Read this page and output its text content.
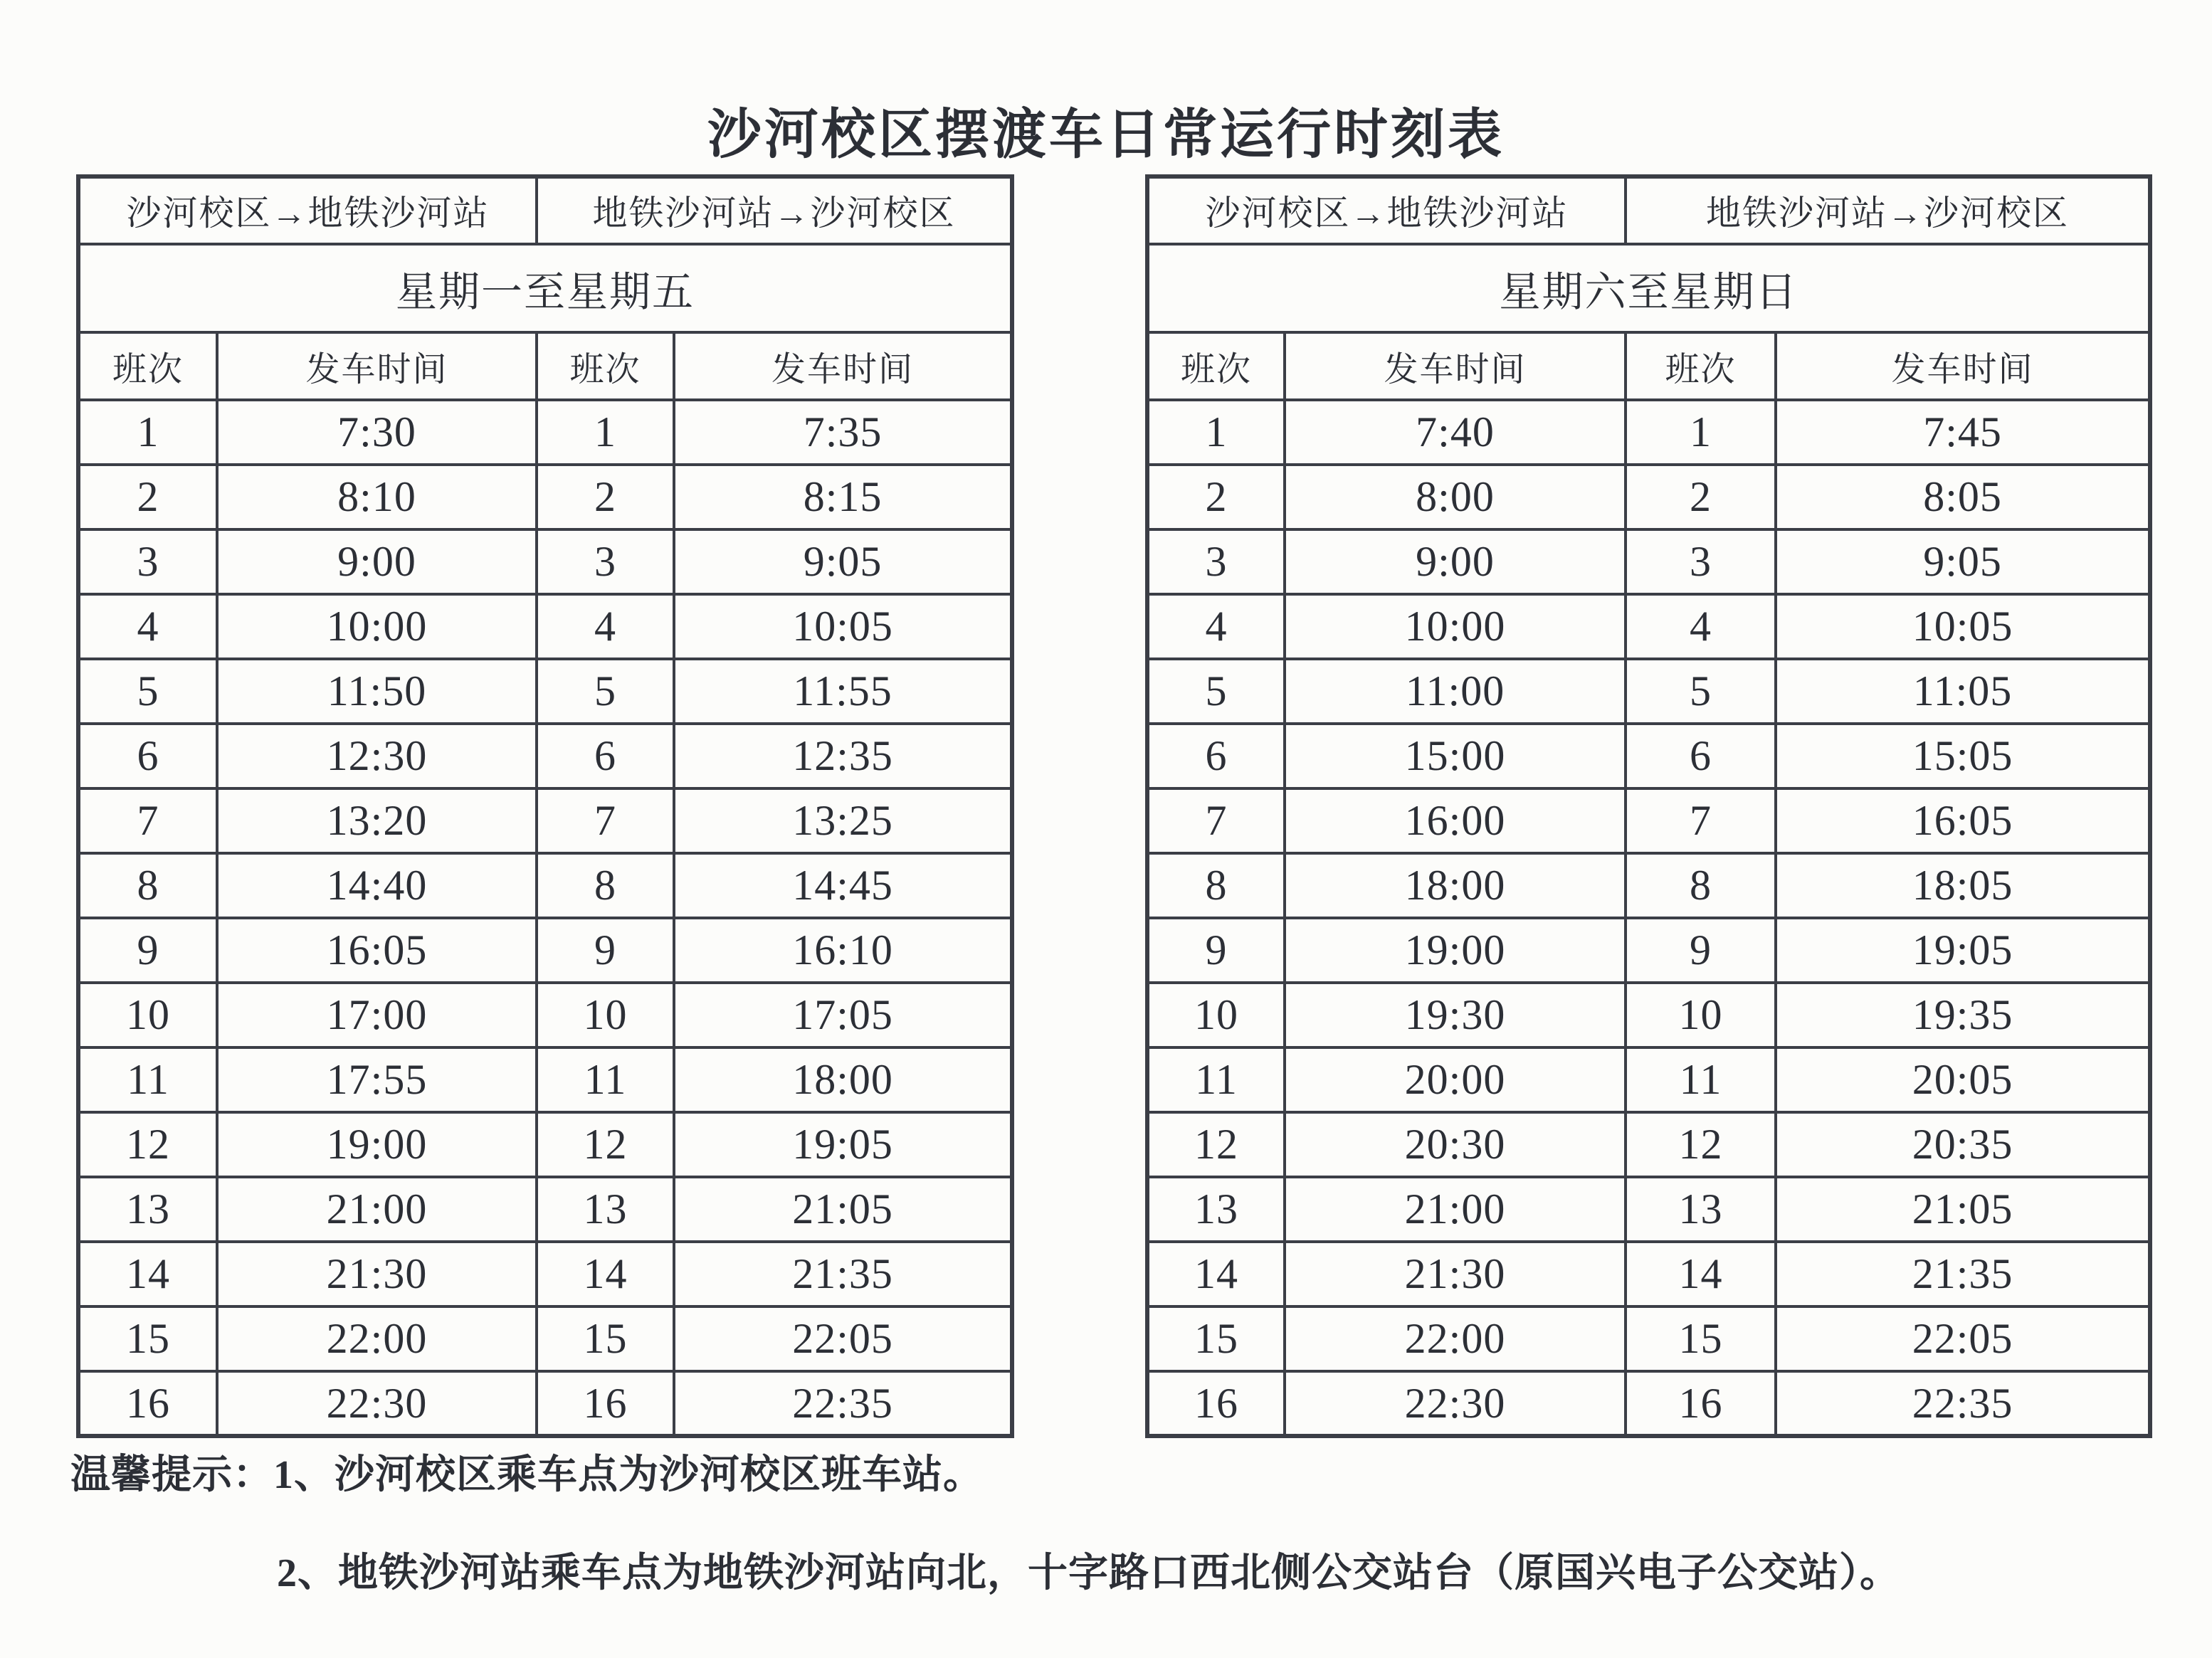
沙河校区摆渡车日常运行时刻表
沙河校区→地铁沙河站		地铁沙河站→沙河校区	
星期一至星期五			
班次	发车时间	班次	发车时间
1	7:30	1	7:35
2	8:10	2	8:15
3	9:00	3	9:05
4	10:00	4	10:05
5	11:50	5	11:55
6	12:30	6	12:35
7	13:20	7	13:25
8	14:40	8	14:45
9	16:05	9	16:10
10	17:00	10	17:05
11	17:55	11	18:00
12	19:00	12	19:05
13	21:00	13	21:05
14	21:30	14	21:35
15	22:00	15	22:05
16	22:30	16	22:35
沙河校区→地铁沙河站		地铁沙河站→沙河校区	
星期六至星期日			
班次	发车时间	班次	发车时间
1	7:40	1	7:45
2	8:00	2	8:05
3	9:00	3	9:05
4	10:00	4	10:05
5	11:00	5	11:05
6	15:00	6	15:05
7	16:00	7	16:05
8	18:00	8	18:05
9	19:00	9	19:05
10	19:30	10	19:35
11	20:00	11	20:05
12	20:30	12	20:35
13	21:00	13	21:05
14	21:30	14	21:35
15	22:00	15	22:05
16	22:30	16	22:35
温馨提示：1、沙河校区乘车点为沙河校区班车站。
2、地铁沙河站乘车点为地铁沙河站向北，十字路口西北侧公交站台（原国兴电子公交站）。
